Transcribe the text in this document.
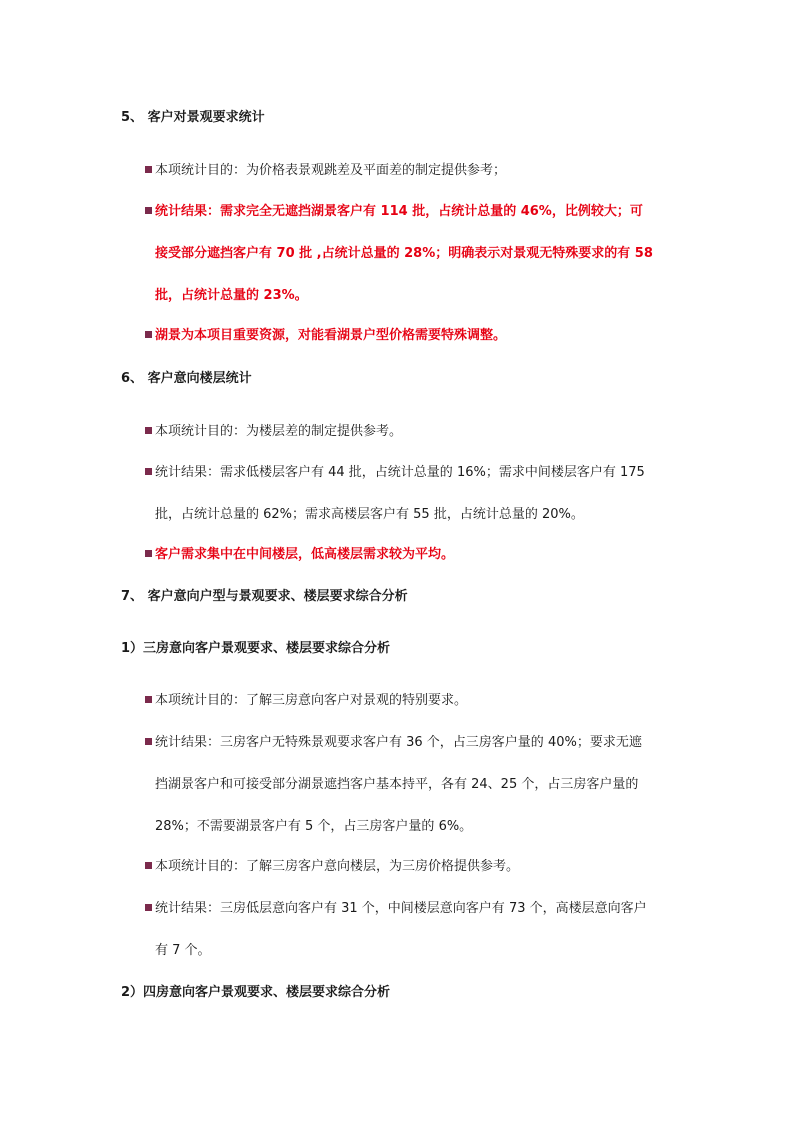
5、 客户对景观要求统计
本项统计目的：为价格表景观跳差及平面差的制定提供参考；
统计结果：需求完全无遮挡湖景客户有 114 批，占统计总量的 46%，比例较大；可
接受部分遮挡客户有 70 批 ,占统计总量的 28%；明确表示对景观无特殊要求的有 58
批，占统计总量的 23%。
湖景为本项目重要资源，对能看湖景户型价格需要特殊调整。
6、 客户意向楼层统计
本项统计目的：为楼层差的制定提供参考。
统计结果：需求低楼层客户有 44 批，占统计总量的 16%；需求中间楼层客户有 175
批，占统计总量的 62%；需求高楼层客户有 55 批，占统计总量的 20%。
客户需求集中在中间楼层，低高楼层需求较为平均。
7、 客户意向户型与景观要求、楼层要求综合分析
1）三房意向客户景观要求、楼层要求综合分析
本项统计目的：了解三房意向客户对景观的特别要求。
统计结果：三房客户无特殊景观要求客户有 36 个，占三房客户量的 40%；要求无遮
挡湖景客户和可接受部分湖景遮挡客户基本持平，各有 24、25 个，占三房客户量的
28%；不需要湖景客户有 5 个，占三房客户量的 6%。
本项统计目的：了解三房客户意向楼层，为三房价格提供参考。
统计结果：三房低层意向客户有 31 个，中间楼层意向客户有 73 个，高楼层意向客户
有 7 个。
2）四房意向客户景观要求、楼层要求综合分析
